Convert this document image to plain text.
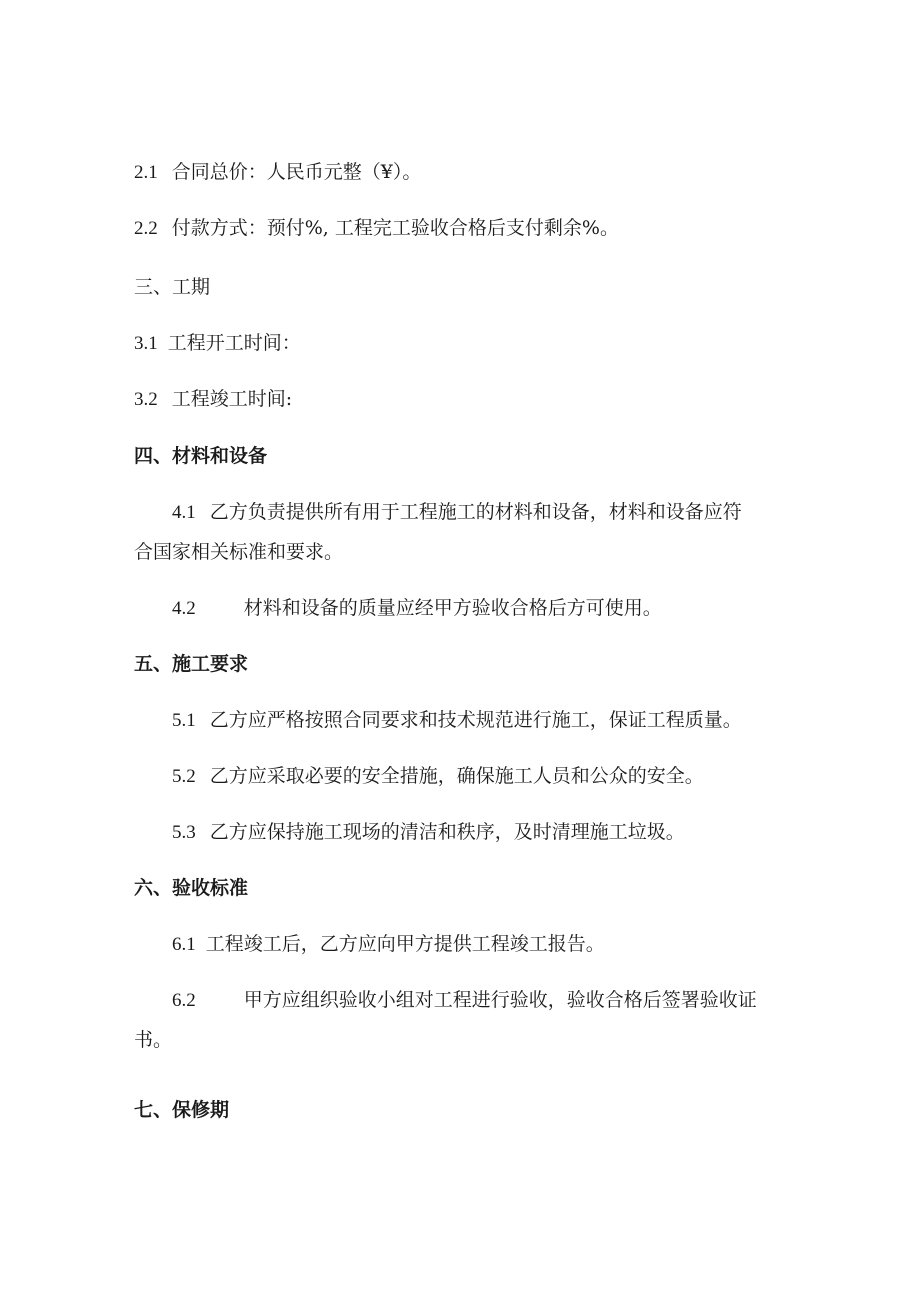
2.1 合同总价：人民币元整（¥）。
2.2 付款方式：预付%, 工程完工验收合格后支付剩余%。
三、工期
3.1 工程开工时间：
3.2 工程竣工时间:
四、材料和设备
4.1 乙方负责提供所有用于工程施工的材料和设备，材料和设备应符
合国家相关标准和要求。
4.2	材料和设备的质量应经甲方验收合格后方可使用。
五、施工要求
5.1 乙方应严格按照合同要求和技术规范进行施工，保证工程质量。
5.2 乙方应采取必要的安全措施，确保施工人员和公众的安全。
5.3 乙方应保持施工现场的清洁和秩序，及时清理施工垃圾。
六、验收标准
6.1 工程竣工后，乙方应向甲方提供工程竣工报告。
6.2	甲方应组织验收小组对工程进行验收，验收合格后签署验收证
书。
七、保修期
